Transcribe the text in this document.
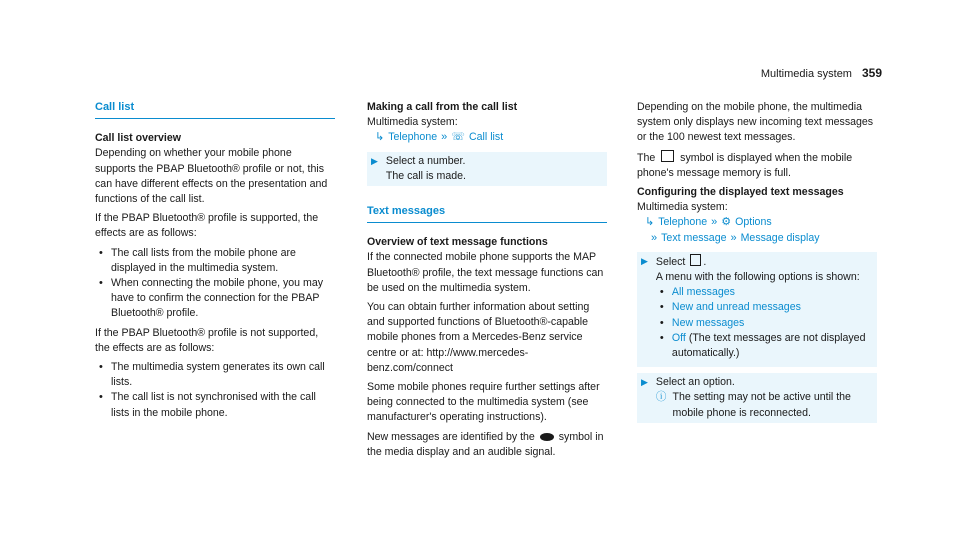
Multimedia system 359
Call list
Call list overview

Depending on whether your mobile phone supports the PBAP Bluetooth® profile or not, this can have different effects on the presentation and functions of the call list.

If the PBAP Bluetooth® profile is supported, the effects are as follows:

• The call lists from the mobile phone are displayed in the multimedia system.
• When connecting the mobile phone, you may have to confirm the connection for the PBAP Bluetooth® profile.

If the PBAP Bluetooth® profile is not supported, the effects are as follows:

• The multimedia system generates its own call lists.
• The call list is not synchronised with the call lists in the mobile phone.
Making a call from the call list
Multimedia system:
↳ Telephone » ☏ Call list
▶ Select a number.
The call is made.
Text messages
Overview of text message functions

If the connected mobile phone supports the MAP Bluetooth® profile, the text message functions can be used on the multimedia system.

You can obtain further information about setting and supported functions of Bluetooth®-capable mobile phones from a Mercedes-Benz service centre or at: http://www.mercedes-benz.com/connect

Some mobile phones require further settings after being connected to the multimedia system (see manufacturer's operating instructions).

New messages are identified by the symbol in the media display and an audible signal.

Depending on the mobile phone, the multimedia system only displays new incoming text messages or the 100 newest text messages.

The symbol is displayed when the mobile phone's message memory is full.

Configuring the displayed text messages
Multimedia system:
↳ Telephone » ⚙ Options
» Text message » Message display
▶ Select .
A menu with the following options is shown:
• All messages
• New and unread messages
• New messages
• Off (The text messages are not displayed automatically.)
▶ Select an option.
ⓘ The setting may not be active until the mobile phone is reconnected.
